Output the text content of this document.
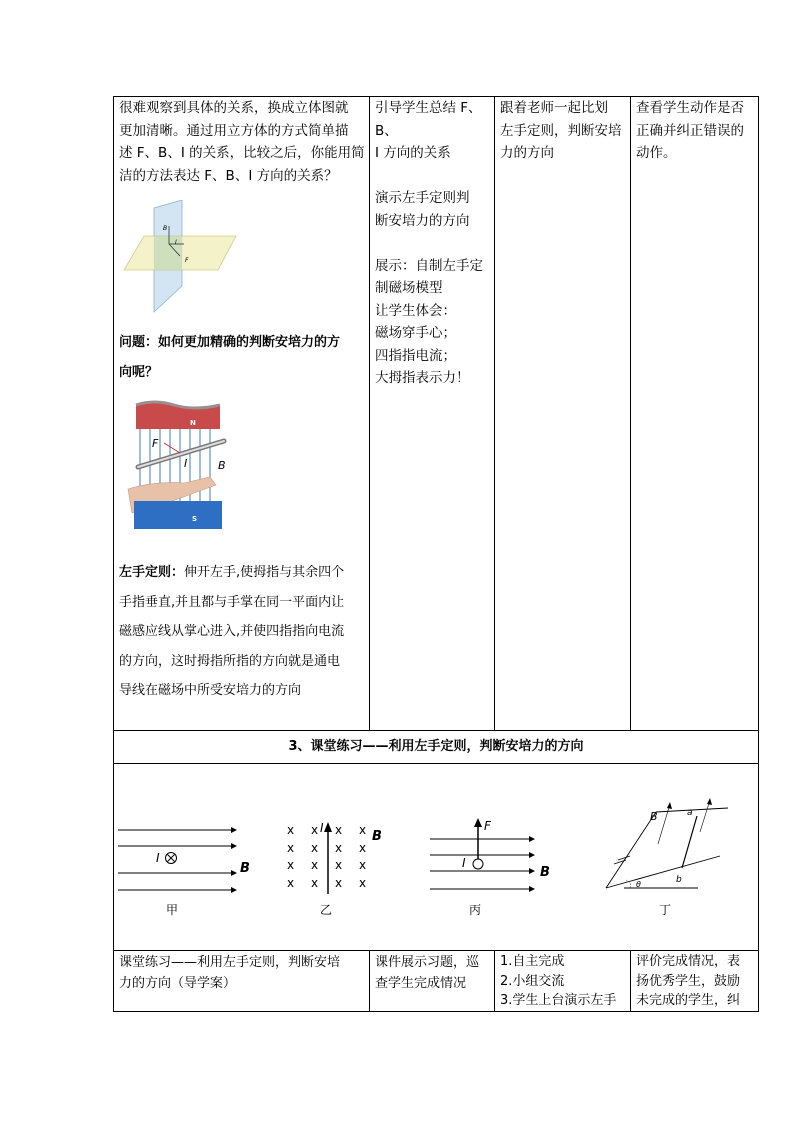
很难观察到具体的关系，换成立体图就

更加清晰。通过用立方体的方式简单描

述 F、B、I 的关系，比较之后，你能用简

洁的方法表达 F、B、I 方向的关系？

B
I
F

问题：如何更加精确的判断安培力的方

向呢？

N
S
F
I	B

左手定则：伸开左手,使拇指与其余四个

手指垂直,并且都与手掌在同一平面内让

磁感应线从掌心进入,并使四指指向电流

的方向，这时拇指所指的方向就是通电

导线在磁场中所受安培力的方向

引导学生总结 F、B、

I 方向的关系

演示左手定则判

断安培力的方向

展示：自制左手定

制磁场模型

让学生体会：

磁场穿手心；

四指指电流；

大拇指表示力！

跟着老师一起比划

左手定则，判断安培

力的方向

查看学生动作是否

正确并纠正错误的

动作。

3、课堂练习——利用左手定则，判断安培力的方向
I
B
甲
x x x x
x x x x
x x x x
x x x x
I
B
乙
F
I
B
丙
B	a
b
θ
丁

课堂练习——利用左手定则，判断安培

力的方向（导学案）

课件展示习题，巡

查学生完成情况

1.自主完成

2.小组交流

3.学生上台演示左手

评价完成情况，表

扬优秀学生，鼓励

未完成的学生，纠
